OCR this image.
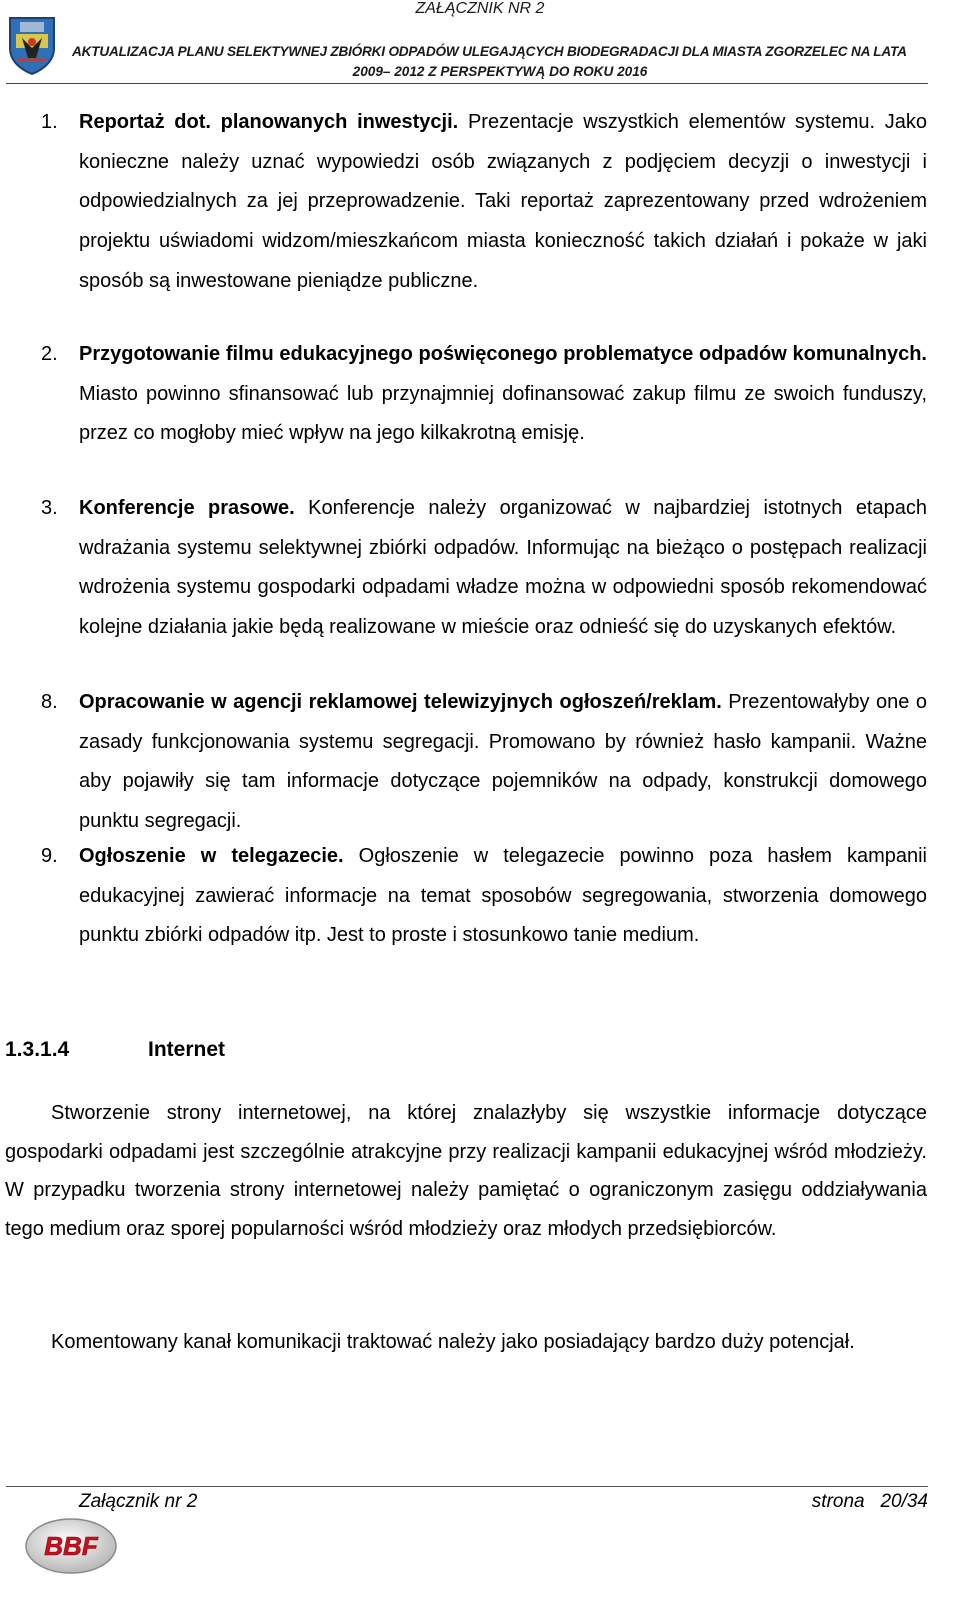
ZAŁĄCZNIK NR 2
AKTUALIZACJA PLANU SELEKTYWNEJ ZBIÓRKI ODPADÓW ULEGAJĄCYCH BIODEGRADACJI DLA MIASTA ZGORZELEC NA LATA
2009– 2012 Z PERSPEKTYWĄ DO ROKU 2016
1. Reportaż dot. planowanych inwestycji. Prezentacje wszystkich elementów systemu. Jako konieczne należy uznać wypowiedzi osób związanych z podjęciem decyzji o inwestycji i odpowiedzialnych za jej przeprowadzenie. Taki reportaż zaprezentowany przed wdrożeniem projektu uświadomi widzom/mieszkańcom miasta konieczność takich działań i pokaże w jaki sposób są inwestowane pieniądze publiczne.
2. Przygotowanie filmu edukacyjnego poświęconego problematyce odpadów komunalnych. Miasto powinno sfinansować lub przynajmniej dofinansować zakup filmu ze swoich funduszy, przez co mogłoby mieć wpływ na jego kilkakrotną emisję.
3. Konferencje prasowe. Konferencje należy organizować w najbardziej istotnych etapach wdrażania systemu selektywnej zbiórki odpadów. Informując na bieżąco o postępach realizacji wdrożenia systemu gospodarki odpadami władze można w odpowiedni sposób rekomendować kolejne działania jakie będą realizowane w mieście oraz odnieść się do uzyskanych efektów.
8. Opracowanie w agencji reklamowej telewizyjnych ogłoszeń/reklam. Prezentowałyby one o zasady funkcjonowania systemu segregacji. Promowano by również hasło kampanii. Ważne aby pojawiły się tam informacje dotyczące pojemników na odpady, konstrukcji domowego punktu segregacji.
9. Ogłoszenie w telegazecie. Ogłoszenie w telegazecie powinno poza hasłem kampanii edukacyjnej zawierać informacje na temat sposobów segregowania, stworzenia domowego punktu zbiórki odpadów itp. Jest to proste i stosunkowo tanie medium.
1.3.1.4	Internet
Stworzenie strony internetowej, na której znalazłyby się wszystkie informacje dotyczące gospodarki odpadami jest szczególnie atrakcyjne przy realizacji kampanii edukacyjnej wśród młodzieży. W przypadku tworzenia strony internetowej należy pamiętać o ograniczonym zasięgu oddziaływania tego medium oraz sporej popularności wśród młodzieży oraz młodych przedsiębiorców.
Komentowany kanał komunikacji traktować należy jako posiadający bardzo duży potencjał.
Załącznik nr 2	strona   20/34
BBF
